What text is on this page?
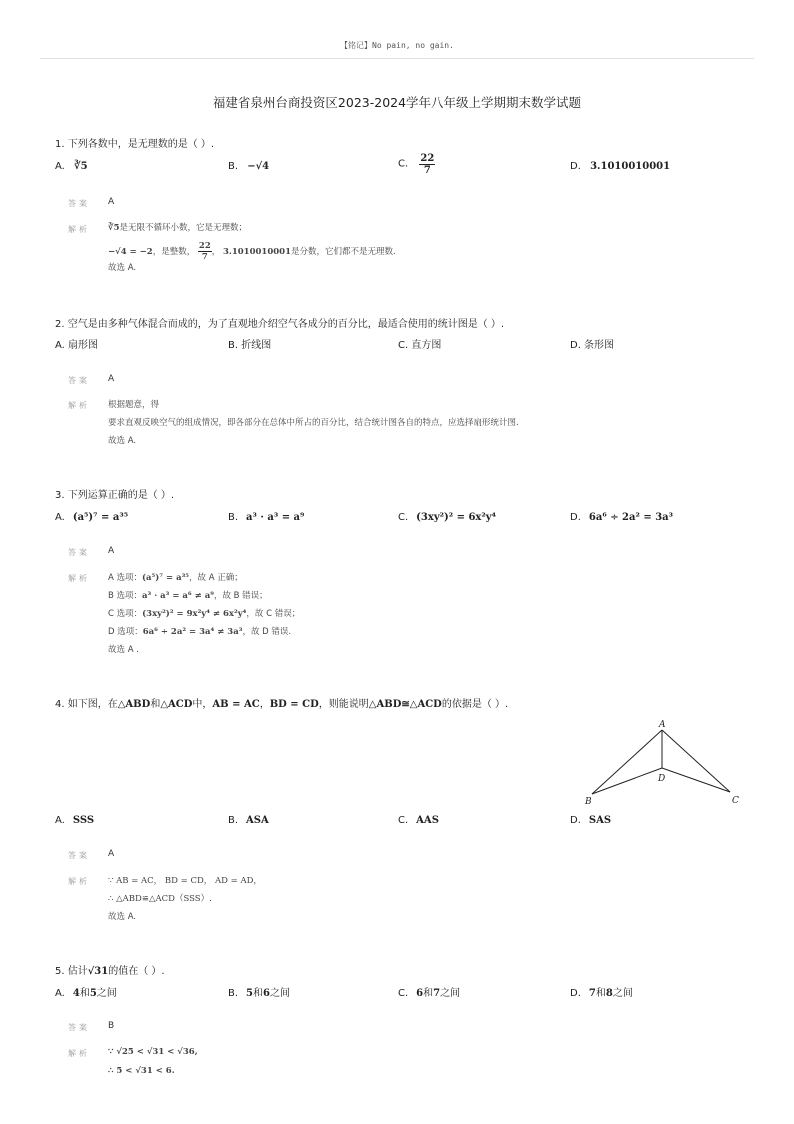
【铭记】No pain, no gain.
福建省泉州台商投资区2023-2024学年八年级上学期期末数学试题
1. 下列各数中，是无理数的是（ ）.
A. ∛5	B. −√4	C. $\frac{22}{7}$	D. 3.1010010001
答案 A
解析 ∛5是无限不循环小数，它是无理数；
−√4 = −2，是整数， $\frac{22}{7}$ ， 3.1010010001是分数，它们都不是无理数.
故选 A.
2. 空气是由多种气体混合而成的，为了直观地介绍空气各成分的百分比，最适合使用的统计图是（ ）.
A. 扇形图	B. 折线图	C. 直方图	D. 条形图
答案 A
解析 根据题意，得
要求直观反映空气的组成情况，即各部分在总体中所占的百分比，结合统计图各自的特点，应选择扇形统计图.
故选 A.
3. 下列运算正确的是（ ）.
A. (a⁵)⁷ = a³⁵	B. a³ · a³ = a⁹	C. (3xy²)² = 6x²y⁴	D. 6a⁶ ÷ 2a² = 3a³
答案 A
解析 A 选项：(a⁵)⁷ = a³⁵，故 A 正确；
B 选项：a³ · a³ = a⁶ ≠ a⁹，故 B 错误；
C 选项：(3xy²)² = 9x²y⁴ ≠ 6x²y⁴，故 C 错误；
D 选项：6a⁶ ÷ 2a² = 3a⁴ ≠ 3a³，故 D 错误.
故选 A .
4. 如下图，在△ABD和△ACD中，AB = AC，BD = CD，则能说明△ABD≅△ACD的依据是（ ）.
A
B	C
D
A. SSS	B. ASA	C. AAS	D. SAS
答案 A
解析 ∵ AB = AC， BD = CD， AD = AD，
∴ △ABD≌△ACD（SSS）.
故选 A.
5. 估计√31的值在（ ）.
A. 4和5之间	B. 5和6之间	C. 6和7之间	D. 7和8之间
答案 B
解析 ∵ √25 < √31 < √36,
∴ 5 < √31 < 6.
